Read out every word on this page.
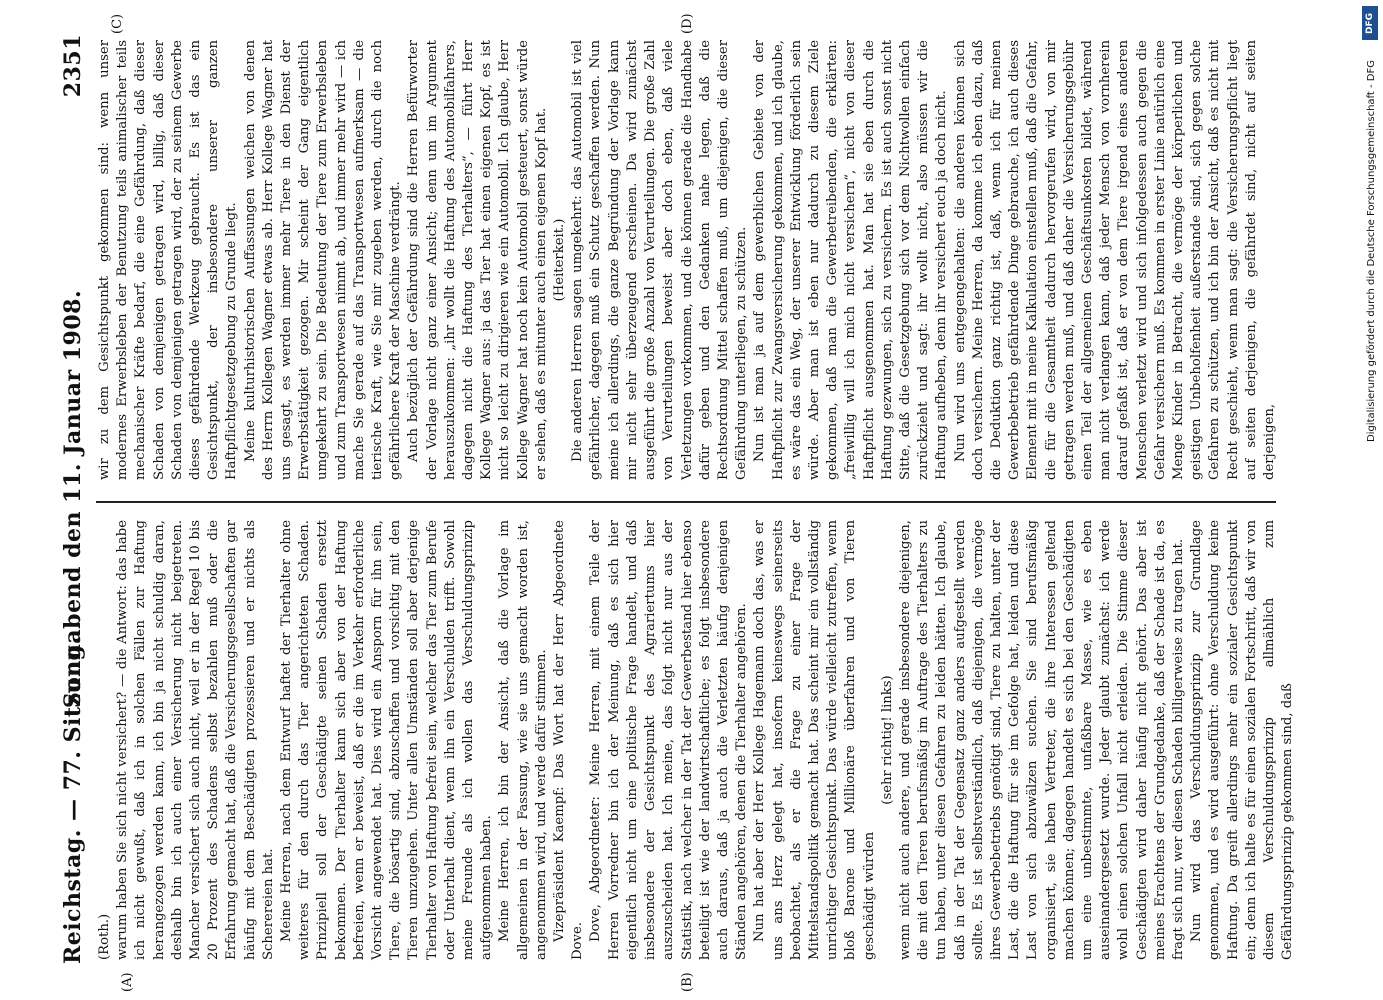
Reichstag. — 77. Sitzung.
Sonnabend den 11. Januar 1908.
2351
(A)	(B)
(C)	(D)

(Roth.) warum haben Sie sich nicht versichert? — die Antwort: das habe ich nicht gewußt, daß ich in solchen Fällen zur Haftung herangezogen werden kann, ich bin ja nicht schuldig daran, deshalb bin ich auch einer Versicherung nicht beigetreten. Mancher versichert sich auch nicht, weil er in der Regel 10 bis 20 Prozent des Schadens selbst bezahlen muß oder die Erfahrung gemacht hat, daß die Versicherungsgesellschaften gar häufig mit dem Beschädigten prozessieren und er nichts als Scherereien hat. Meine Herren, nach dem Entwurf haftet der Tierhalter ohne weiteres für den durch das Tier angerichteten Schaden. Prinzipiell soll der Geschädigte seinen Schaden ersetzt bekommen. Der Tierhalter kann sich aber von der Haftung befreien, wenn er beweist, daß er die im Verkehr erforderliche Vorsicht angewendet hat. Dies wird ein Ansporn für ihn sein, Tiere, die bösartig sind, abzuschaffen und vorsichtig mit den Tieren umzugehen. Unter allen Umständen soll aber derjenige Tierhalter von Haftung befreit sein, welcher das Tier zum Berufe oder Unterhalt dient, wenn ihn ein Verschulden trifft. Sowohl meine Freunde als ich wollen das Verschuldungsprinzip aufgenommen haben. Meine Herren, ich bin der Ansicht, daß die Vorlage im allgemeinen in der Fassung, wie sie uns gemacht worden ist, angenommen wird, und werde dafür stimmen. Vizepräsident Kaempf: Das Wort hat der Herr Abgeordnete Dove. Dove, Abgeordneter: Meine Herren, mit einem Teile der Herren Vorredner bin ich der Meinung, daß es sich hier eigentlich nicht um eine politische Frage handelt, und daß insbesondere der Gesichtspunkt des Agrariertums hier auszuscheiden hat. Ich meine, das folgt nicht nur aus der Statistik, nach welcher in der Tat der Gewerbestand hier ebenso beteiligt ist wie der landwirtschaftliche; es folgt insbesondere auch daraus, daß ja auch die Verletzten häufig denjenigen Ständen angehören, denen die Tierhalter angehören. Nun hat aber der Herr Kollege Hagemann doch das, was er uns ans Herz gelegt hat, insofern keineswegs seinerseits beobachtet, als er die Frage zu einer Frage der Mittelstandspolitik gemacht hat. Das scheint mir ein vollständig unrichtiger Gesichtspunkt. Das würde vielleicht zutreffen, wenn bloß Barone und Millionäre überfahren und von Tieren geschädigt würden

(sehr richtig! links) wenn nicht auch andere, und gerade insbesondere diejenigen, die mit den Tieren berufsmäßig im Auftrage des Tierhalters zu tun haben, unter diesen Gefahren zu leiden hätten. Ich glaube, daß in der Tat der Gegensatz ganz anders aufgestellt werden sollte. Es ist selbstverständlich, daß diejenigen, die vermöge ihres Gewerbebetriebs genötigt sind, Tiere zu halten, unter der Last, die die Haftung für sie im Gefolge hat, leiden und diese Last von sich abzuwälzen suchen. Sie sind berufsmäßig organisiert, sie haben Vertreter, die ihre Interessen geltend machen können; dagegen handelt es sich bei den Geschädigten um eine unbestimmte, unfaßbare Masse, wie es eben auseinandergesetzt wurde. Jeder glaubt zunächst: ich werde wohl einen solchen Unfall nicht erleiden. Die Stimme dieser Geschädigten wird daher häufig nicht gehört. Das aber ist meines Erachtens der Grundgedanke, daß der Schade ist da, es fragt sich nur, wer diesen Schaden billigerweise zu tragen hat. Nun wird das Verschuldungsprinzip zur Grundlage genommen, und es wird ausgeführt: ohne Verschuldung keine Haftung. Da greift allerdings mehr ein sozialer Gesichtspunkt ein; denn ich halte es für einen sozialen Fortschritt, daß wir von diesem Verschuldungsprinzip allmählich zum Gefährdungsprinzip gekommen sind, daß

wir zu dem Gesichtspunkt gekommen sind: wenn unser modernes Erwerbsleben der Benutzung teils animalischer teils mechanischer Kräfte bedarf, die eine Gefährdung, daß dieser Schaden von demjenigen getragen wird, billig, daß dieser Schaden von demjenigen getragen wird, der zu seinem Gewerbe dieses gefährdende Werkzeug gebraucht. Es ist das ein Gesichtspunkt, der insbesondere unserer ganzen Haftpflichtgesetzgebung zu Grunde liegt. Meine kulturhistorischen Auffassungen weichen von denen des Herrn Kollegen Wagner etwas ab. Herr Kollege Wagner hat uns gesagt, es werden immer mehr Tiere in den Dienst der Erwerbstätigkeit gezogen. Mir scheint der Gang eigentlich umgekehrt zu sein. Die Bedeutung der Tiere zum Erwerbsleben und zum Transportwesen nimmt ab, und immer mehr wird — ich mache Sie gerade auf das Transportwesen aufmerksam — die tierische Kraft, wie Sie mir zugeben werden, durch die noch gefährlichere Kraft der Maschine verdrängt. Auch bezüglich der Gefährdung sind die Herren Befürworter der Vorlage nicht ganz einer Ansicht; denn um im Argument herauszukommen: „ihr wollt die Haftung des Automobilfahrers, dagegen nicht die Haftung des Tierhalters“, — führt Herr Kollege Wagner aus: ja das Tier hat einen eigenen Kopf, es ist nicht so leicht zu dirigieren wie ein Automobil. Ich glaube, Herr Kollege Wagner hat noch kein Automobil gesteuert, sonst würde er sehen, daß es mitunter auch einen eigenen Kopf hat. (Heiterkeit.) Die anderen Herren sagen umgekehrt: das Automobil ist viel gefährlicher, dagegen muß ein Schutz geschaffen werden. Nun meine ich allerdings, die ganze Begründung der Vorlage kann mir nicht sehr überzeugend erscheinen. Da wird zunächst ausgeführt die große Anzahl von Verurteilungen. Die große Zahl von Verurteilungen beweist aber doch eben, daß viele Verletzungen vorkommen, und die können gerade die Handhabe dafür geben und den Gedanken nahe legen, daß die Rechtsordnung Mittel schaffen muß, um diejenigen, die dieser Gefährdung unterliegen, zu schützen. Nun ist man ja auf dem gewerblichen Gebiete von der Haftpflicht zur Zwangsversicherung gekommen, und ich glaube, es wäre das ein Weg, der unserer Entwicklung förderlich sein würde. Aber man ist eben nur dadurch zu diesem Ziele gekommen, daß man die Gewerbetreibenden, die erklärten: „freiwillig will ich mich nicht versichern“, nicht von dieser Haftpflicht ausgenommen hat. Man hat sie eben durch die Haftung gezwungen, sich zu versichern. Es ist auch sonst nicht Sitte, daß die Gesetzgebung sich vor dem Nichtwollen einfach zurückzieht und sagt: ihr wollt nicht, also müssen wir die Haftung aufheben, denn ihr versichert euch ja doch nicht. Nun wird uns entgegengehalten: die anderen können sich doch versichern. Meine Herren, da komme ich eben dazu, daß die Deduktion ganz richtig ist, daß, wenn ich für meinen Gewerbebetrieb gefährdende Dinge gebrauche, ich auch dieses Element mit in meine Kalkulation einstellen muß, daß die Gefahr, die für die Gesamtheit dadurch hervorgerufen wird, von mir getragen werden muß, und daß daher die Versicherungsgebühr einen Teil der allgemeinen Geschäftsunkosten bildet, während man nicht verlangen kann, daß jeder Mensch von vornherein darauf gefaßt ist, daß er von dem Tiere irgend eines anderen Menschen verletzt wird und sich infolgedessen auch gegen die Gefahr versichern muß. Es kommen in erster Linie natürlich eine Menge Kinder in Betracht, die vermöge der körperlichen und geistigen Unbeholfenheit außerstande sind, sich gegen solche Gefahren zu schützen, und ich bin der Ansicht, daß es nicht mit Recht geschieht, wenn man sagt: die Versicherungspflicht liegt auf seiten derjenigen, die gefährdet sind, nicht auf seiten derjenigen,	Digitalisierung gefördert durch die Deutsche Forschungsgemeinschaft - DFG
DFG
